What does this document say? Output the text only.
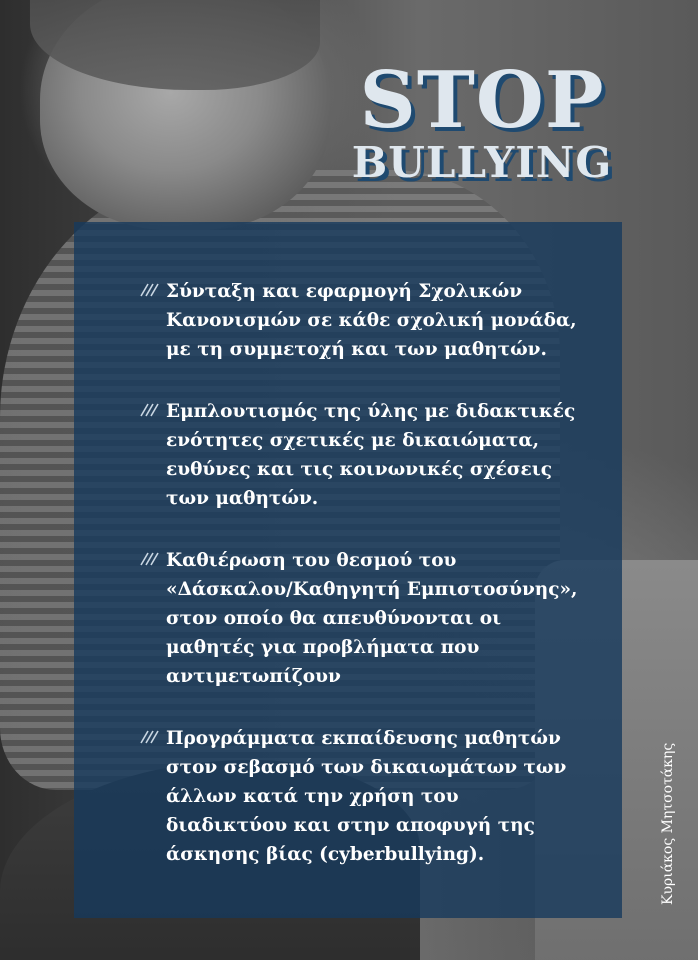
STOP
BULLYING
Σύνταξη και εφαρμογή Σχολικών Κανονισμών σε κάθε σχολική μονάδα, με τη συμμετοχή και των μαθητών.
Εμπλουτισμός της ύλης με διδακτικές ενότητες σχετικές με δικαιώματα, ευθύνες και τις κοινωνικές σχέσεις των μαθητών.
Καθιέρωση του θεσμού του «Δάσκαλου/Καθηγητή Εμπιστοσύνης», στον οποίο θα απευθύνονται οι μαθητές για προβλήματα που αντιμετωπίζουν
Προγράμματα εκπαίδευσης μαθητών στον σεβασμό των δικαιωμάτων των άλλων κατά την χρήση του διαδικτύου και στην αποφυγή της άσκησης βίας (cyberbullying).	Κυριάκος Μητσοτάκης
